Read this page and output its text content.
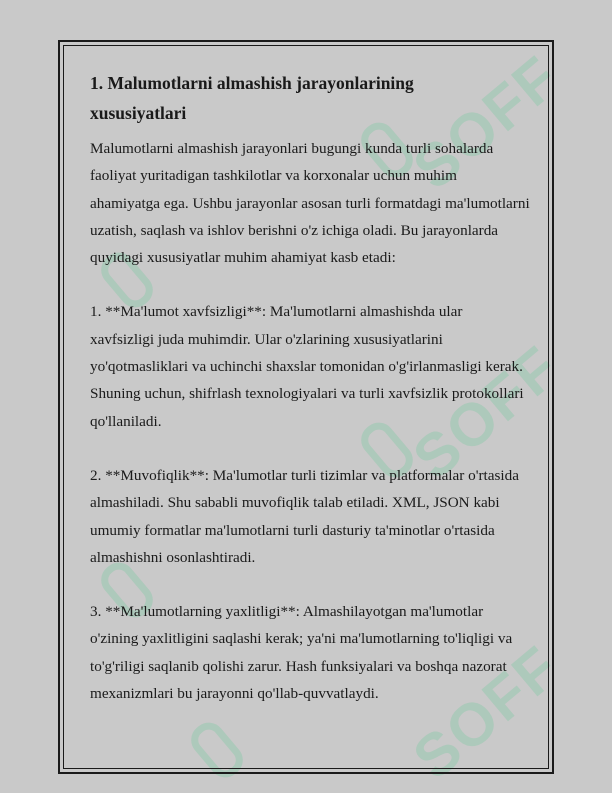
SOFF
SOFF
SOFF
1. Malumotlarni almashish jarayonlarining
xususiyatlari

Malumotlarni almashish jarayonlari bugungi kunda turli sohalarda faoliyat yuritadigan tashkilotlar va korxonalar uchun muhim ahamiyatga ega. Ushbu jarayonlar asosan turli formatdagi ma'lumotlarni uzatish, saqlash va ishlov berishni o'z ichiga oladi. Bu jarayonlarda quyidagi xususiyatlar muhim ahamiyat kasb etadi:

1. **Ma'lumot xavfsizligi**: Ma'lumotlarni almashishda ular xavfsizligi juda muhimdir. Ular o'zlarining xususiyatlarini yo'qotmasliklari va uchinchi shaxslar tomonidan o'g'irlanmasligi kerak. Shuning uchun, shifrlash texnologiyalari va turli xavfsizlik protokollari qo'llaniladi.

2. **Muvofiqlik**: Ma'lumotlar turli tizimlar va platformalar o'rtasida almashiladi. Shu sababli muvofiqlik talab etiladi. XML, JSON kabi umumiy formatlar ma'lumotlarni turli dasturiy ta'minotlar o'rtasida almashishni osonlashtiradi.

3. **Ma'lumotlarning yaxlitligi**: Almashilayotgan ma'lumotlar o'zining yaxlitligini saqlashi kerak; ya'ni ma'lumotlarning to'liqligi va to'g'riligi saqlanib qolishi zarur. Hash funksiyalari va boshqa nazorat mexanizmlari bu jarayonni qo'llab-quvvatlaydi.
